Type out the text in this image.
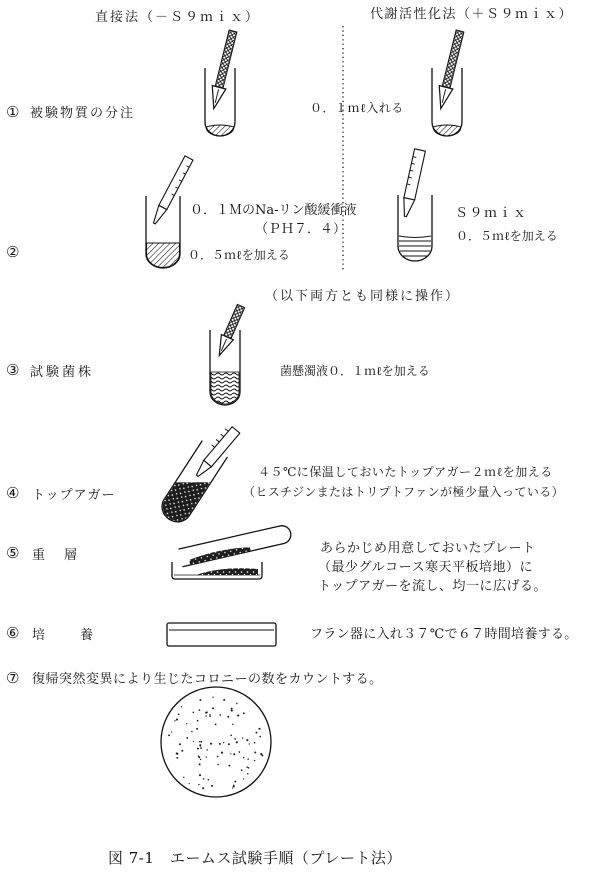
直接法（－Ｓ９ｍｉｘ）	代謝活性化法（＋Ｓ９ｍｉｘ）
① 被験物質の分注	０．１ｍℓ入れる
②
０．１ＭのNa-リン酸緩衝液
（ＰＨ７．４）
０．５ｍℓを加える
Ｓ９ｍｉｘ
０．５ｍℓを加える
（以下両方とも同様に操作）
③ 試験菌株	菌懸濁液０．１ｍℓを加える
④ トップアガー
４５℃に保温しておいたトップアガー２ｍℓを加える
（ヒスチジンまたはトリプトファンが極少量入っている）
⑤ 重　層	あらかじめ用意しておいたプレート
（最少グルコース寒天平板培地）に
トップアガーを流し、均一に広げる。
⑥ 培　　養	フラン器に入れ３７℃で６７時間培養する。
⑦ 復帰突然変異により生じたコロニーの数をカウントする。
図 7-1　エームス試験手順（プレート法）
